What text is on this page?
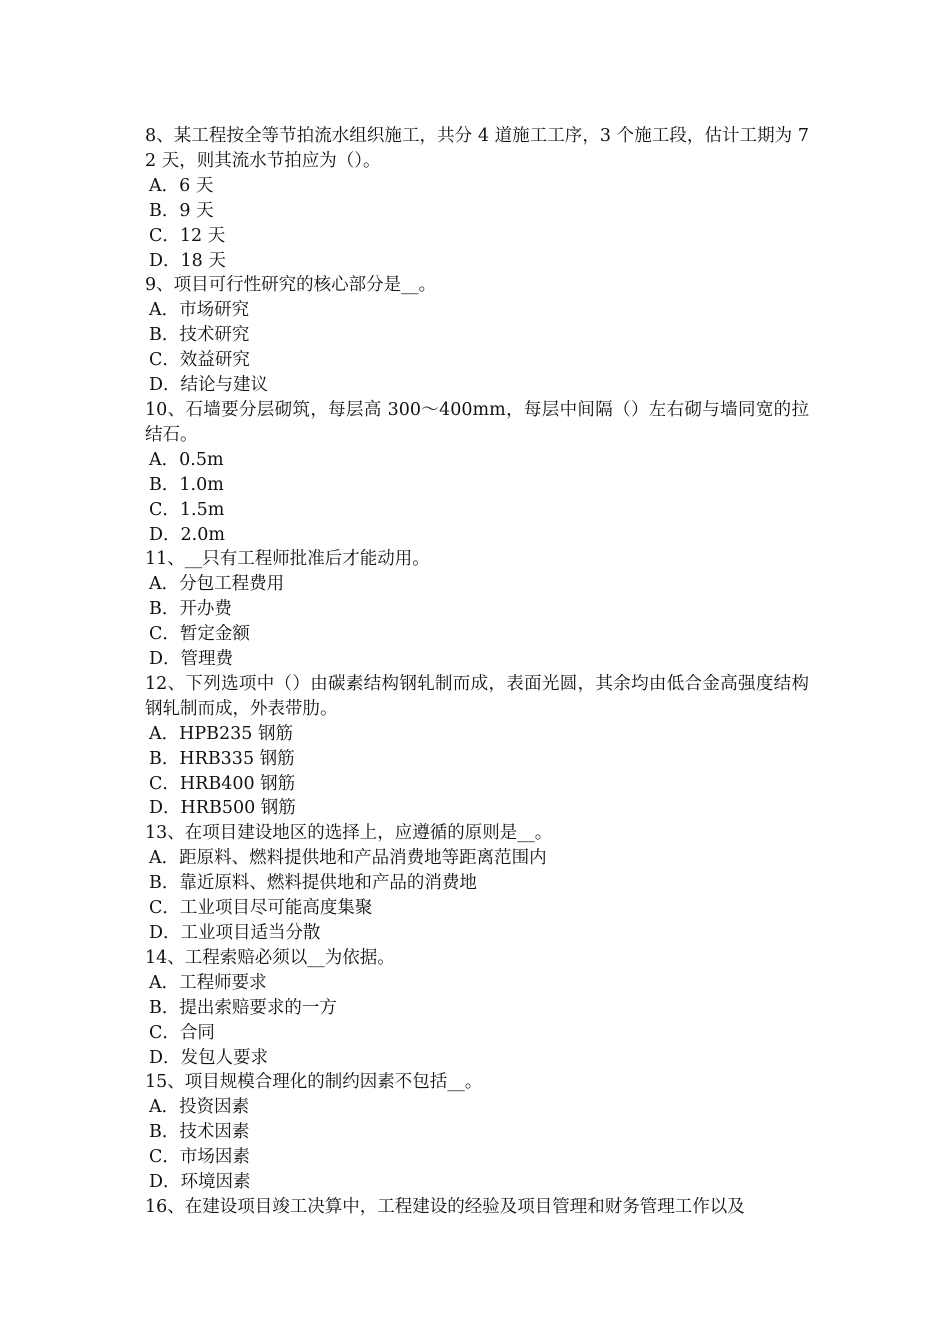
8、某工程按全等节拍流水组织施工，共分 4 道施工工序，3 个施工段，估计工期为 72 天，则其流水节拍应为（）。

A．6 天

B．9 天

C．12 天

D．18 天

9、项目可行性研究的核心部分是__。

A．市场研究

B．技术研究

C．效益研究

D．结论与建议

10、石墙要分层砌筑，每层高 300～400mm，每层中间隔（）左右砌与墙同宽的拉结石。

A．0.5m

B．1.0m

C．1.5m

D．2.0m

11、__只有工程师批准后才能动用。

A．分包工程费用

B．开办费

C．暂定金额

D．管理费

12、下列选项中（）由碳素结构钢轧制而成，表面光圆，其余均由低合金高强度结构钢轧制而成，外表带肋。

A．HPB235 钢筋

B．HRB335 钢筋

C．HRB400 钢筋

D．HRB500 钢筋

13、在项目建设地区的选择上，应遵循的原则是__。

A．距原料、燃料提供地和产品消费地等距离范围内

B．靠近原料、燃料提供地和产品的消费地

C．工业项目尽可能高度集聚

D．工业项目适当分散

14、工程索赔必须以__为依据。

A．工程师要求

B．提出索赔要求的一方

C．合同

D．发包人要求

15、项目规模合理化的制约因素不包括__。

A．投资因素

B．技术因素

C．市场因素

D．环境因素

16、在建设项目竣工决算中，工程建设的经验及项目管理和财务管理工作以及
